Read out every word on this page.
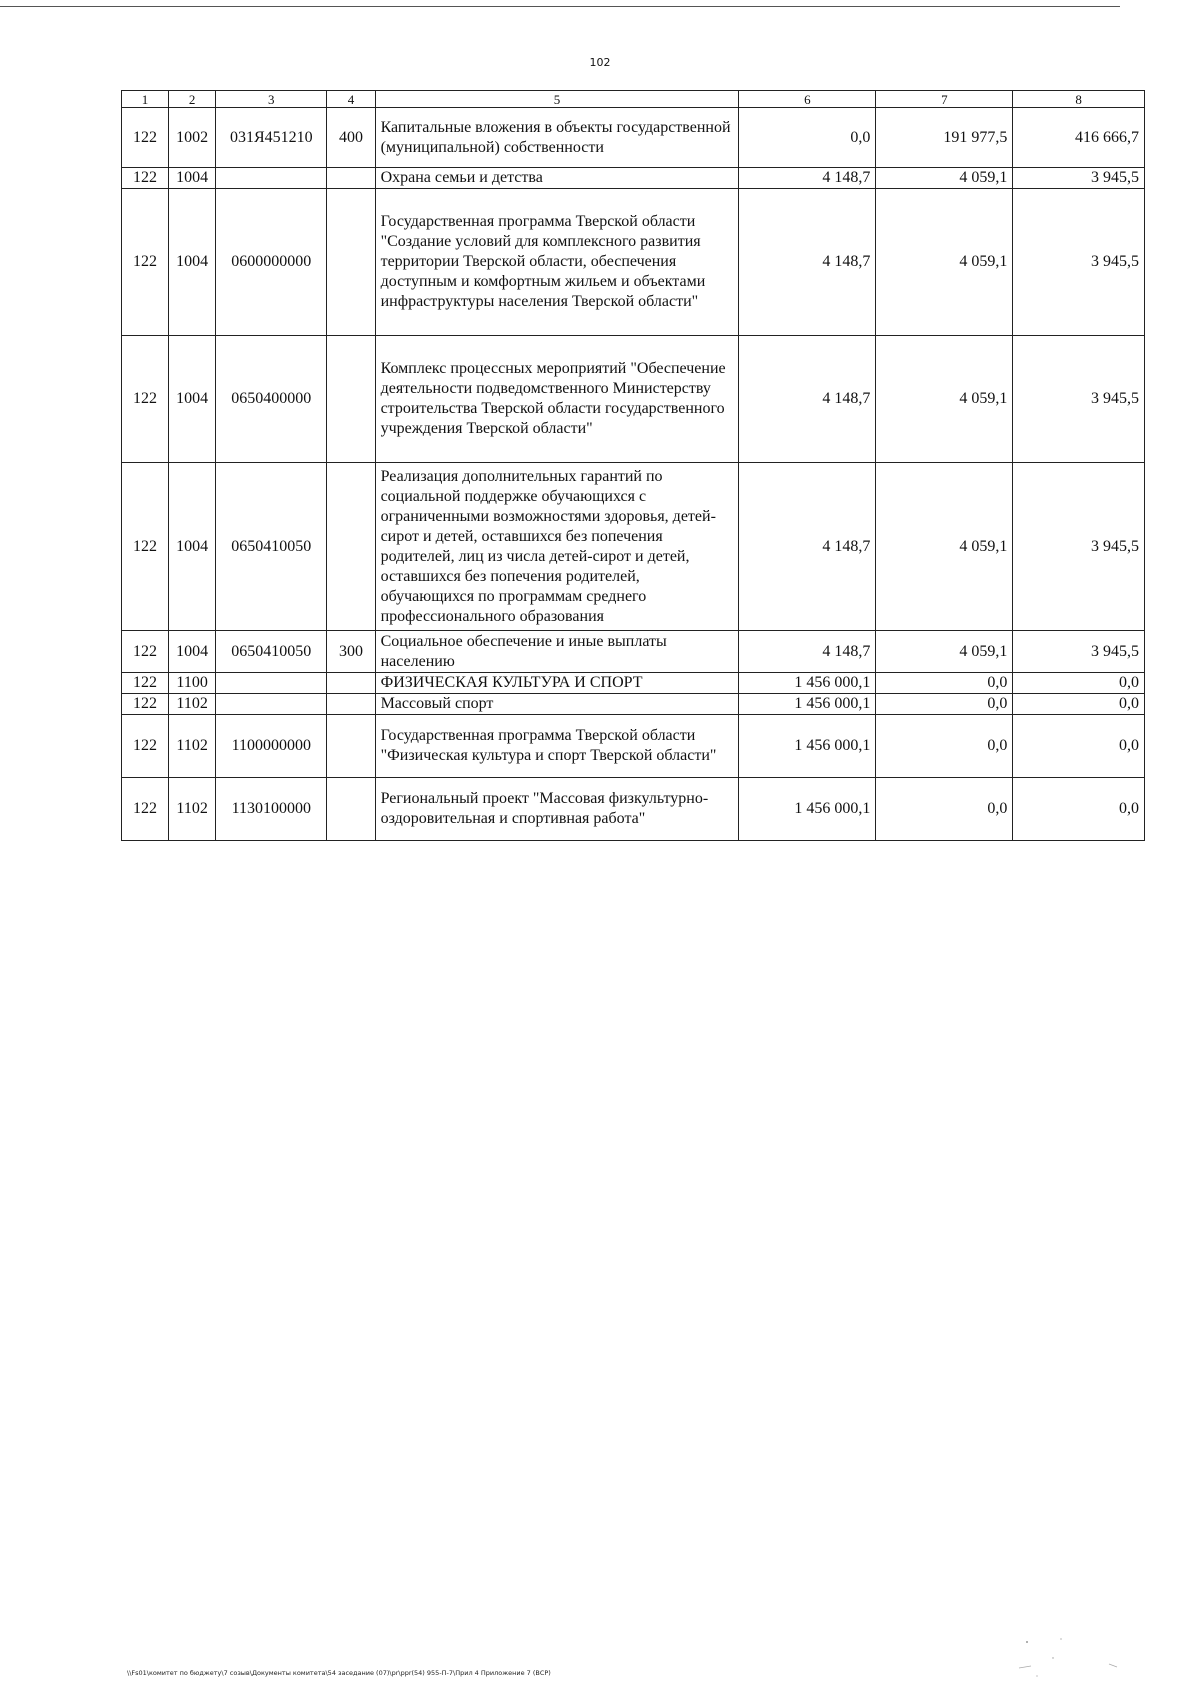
102
1	2	3	4	5	6	7	8
122	1002	031Я451210	400	Капитальные вложения в объекты государственной (муниципальной) собственности	0,0	191 977,5	416 666,7
122	1004			Охрана семьи и детства	4 148,7	4 059,1	3 945,5
122	1004	0600000000		Государственная программа Тверской области "Создание условий для комплексного развития территории Тверской области, обеспечения доступным и комфортным жильем и объектами инфраструктуры населения Тверской области"	4 148,7	4 059,1	3 945,5
122	1004	0650400000		Комплекс процессных мероприятий "Обеспечение деятельности подведомственного Министерству строительства Тверской области государственного учреждения Тверской области"	4 148,7	4 059,1	3 945,5
122	1004	0650410050		Реализация дополнительных гарантий по социальной поддержке обучающихся с ограниченными возможностями здоровья, детей-сирот и детей, оставшихся без попечения родителей, лиц из числа детей-сирот и детей, оставшихся без попечения родителей, обучающихся по программам среднего профессионального образования	4 148,7	4 059,1	3 945,5
122	1004	0650410050	300	Социальное обеспечение и иные выплаты населению	4 148,7	4 059,1	3 945,5
122	1100			ФИЗИЧЕСКАЯ КУЛЬТУРА И СПОРТ	1 456 000,1	0,0	0,0
122	1102			Массовый спорт	1 456 000,1	0,0	0,0
122	1102	1100000000		Государственная программа Тверской области "Физическая культура и спорт Тверской области"	1 456 000,1	0,0	0,0
122	1102	1130100000		Региональный проект "Массовая физкультурно-оздоровительная и спортивная работа"	1 456 000,1	0,0	0,0
\\Fs01\комитет по бюджету\7 созыв\Документы комитета\54 заседание (07)\pr\ppr(54) 955-П-7\Прил 4 Приложение 7 (ВСР)
